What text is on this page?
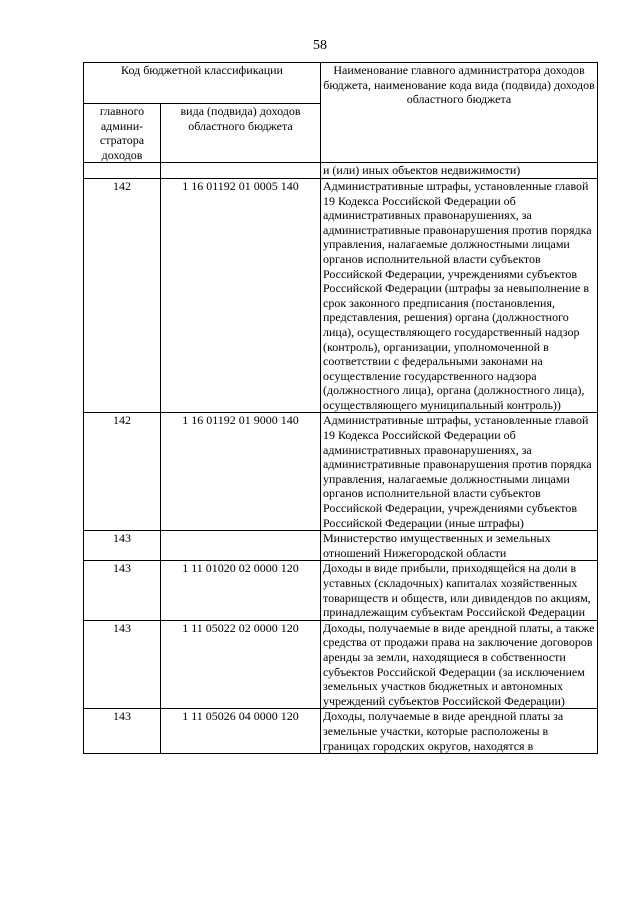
58
Код бюджетной классификации		Наименование главного администратора доходов бюджета, наименование кода вида (подвида) доходов областного бюджета
главного админи-стратора доходов	вида (подвида) доходов областного бюджета	
		и (или) иных объектов недвижимости)
142	1 16 01192 01 0005 140	Административные штрафы, установленные главой 19 Кодекса Российской Федерации об административных правонарушениях, за административные правонарушения против порядка управления, налагаемые должностными лицами органов исполнительной власти субъектов Российской Федерации, учреждениями субъектов Российской Федерации (штрафы за невыполнение в срок законного предписания (постановления, представления, решения) органа (должностного лица), осуществляющего государственный надзор (контроль), организации, уполномоченной в соответствии с федеральными законами на осуществление государственного надзора (должностного лица), органа (должностного лица), осуществляющего муниципальный контроль))
142	1 16 01192 01 9000 140	Административные штрафы, установленные главой 19 Кодекса Российской Федерации об административных правонарушениях, за административные правонарушения против порядка управления, налагаемые должностными лицами органов исполнительной власти субъектов Российской Федерации, учреждениями субъектов Российской Федерации (иные штрафы)
143		Министерство имущественных и земельных отношений Нижегородской области
143	1 11 01020 02 0000 120	Доходы в виде прибыли, приходящейся на доли в уставных (складочных) капиталах хозяйственных товариществ и обществ, или дивидендов по акциям, принадлежащим субъектам Российской Федерации
143	1 11 05022 02 0000 120	Доходы, получаемые в виде арендной платы, а также средства от продажи права на заключение договоров аренды за земли, находящиеся в собственности субъектов Российской Федерации (за исключением земельных участков бюджетных и автономных учреждений субъектов Российской Федерации)
143	1 11 05026 04 0000 120	Доходы, получаемые в виде арендной платы за земельные участки, которые расположены в границах городских округов, находятся в
